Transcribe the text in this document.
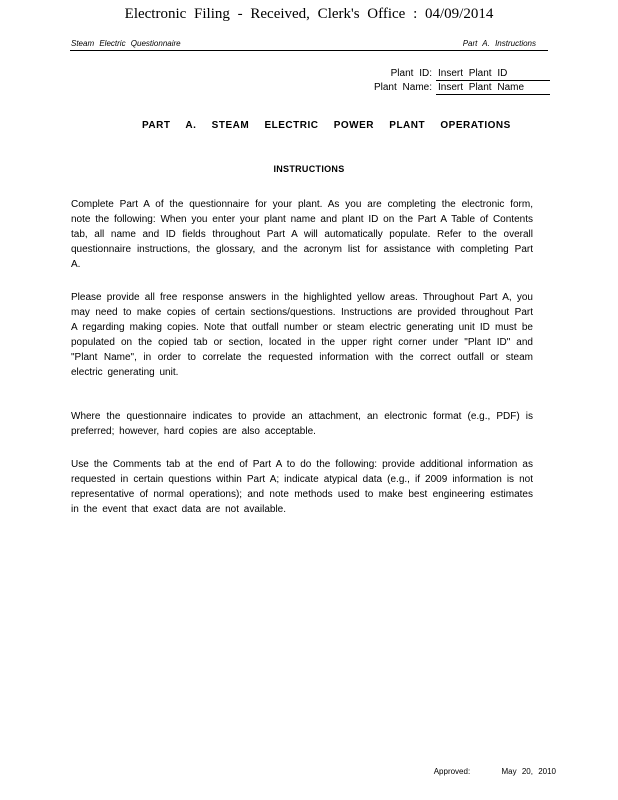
Electronic Filing - Received, Clerk's Office : 04/09/2014
Steam Electric Questionnaire	Part A. Instructions
Plant ID: Insert Plant ID
Plant Name: Insert Plant Name
PART A. STEAM ELECTRIC POWER PLANT OPERATIONS
INSTRUCTIONS

Complete Part A of the questionnaire for your plant. As you are completing the electronic form, note the following: When you enter your plant name and plant ID on the Part A Table of Contents tab, all name and ID fields throughout Part A will automatically populate. Refer to the overall questionnaire instructions, the glossary, and the acronym list for assistance with completing Part A.

Please provide all free response answers in the highlighted yellow areas. Throughout Part A, you may need to make copies of certain sections/questions. Instructions are provided throughout Part A regarding making copies. Note that outfall number or steam electric generating unit ID must be populated on the copied tab or section, located in the upper right corner under "Plant ID" and "Plant Name", in order to correlate the requested information with the correct outfall or steam electric generating unit.

Where the questionnaire indicates to provide an attachment, an electronic format (e.g., PDF) is preferred; however, hard copies are also acceptable.

Use the Comments tab at the end of Part A to do the following: provide additional information as requested in certain questions within Part A; indicate atypical data (e.g., if 2009 information is not representative of normal operations); and note methods used to make best engineering estimates in the event that exact data are not available.

Approved:	May 20, 2010
